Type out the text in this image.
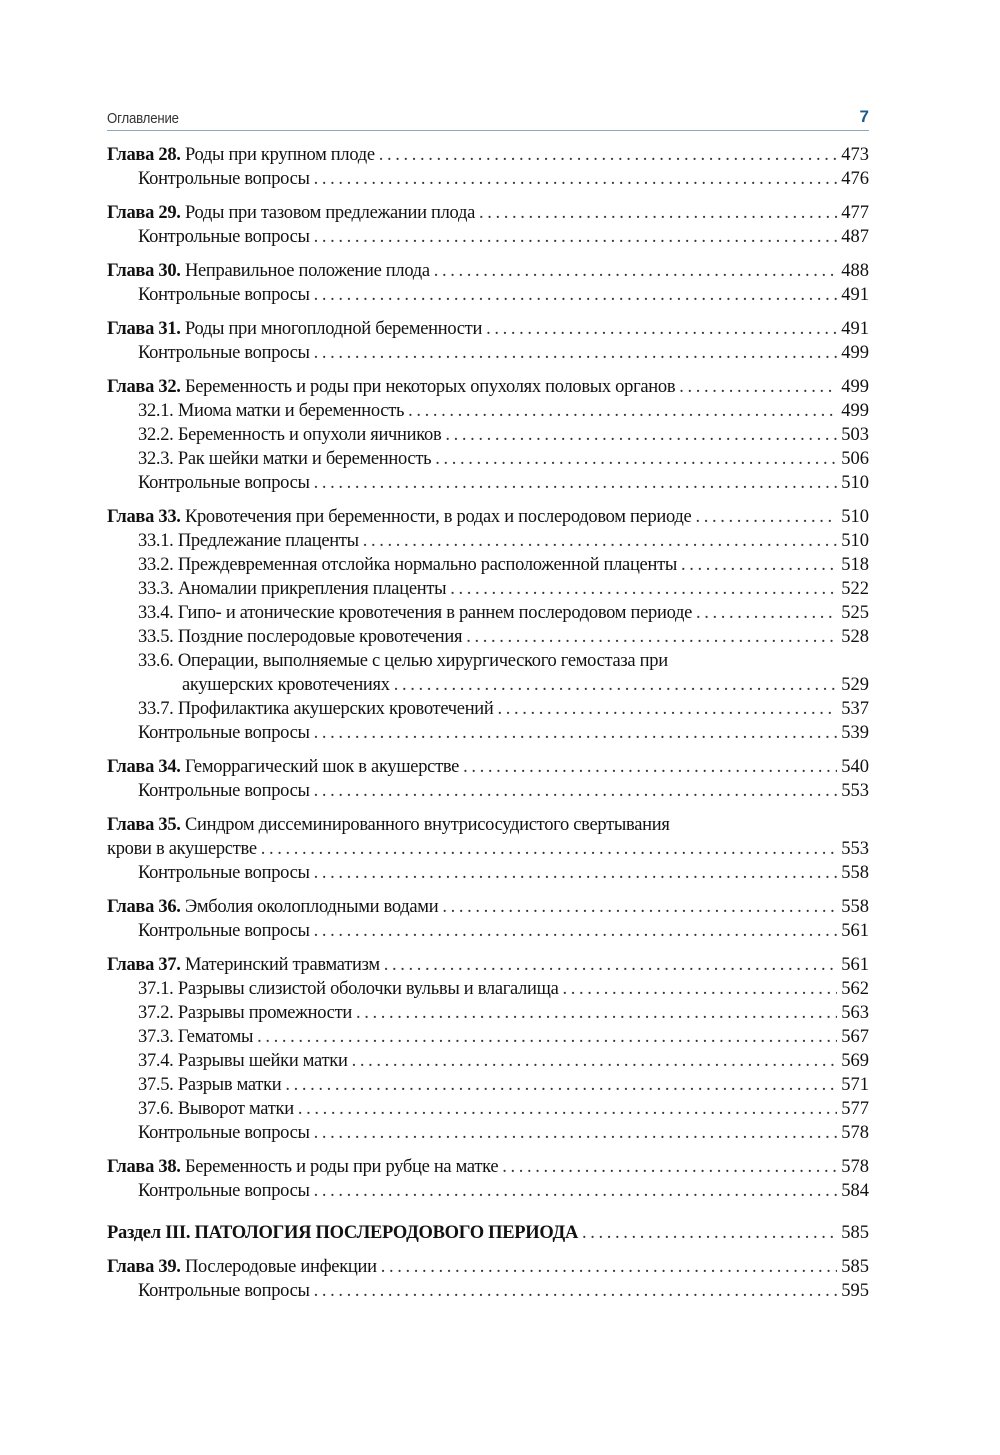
Оглавление	7
Глава 28. Роды при крупном плоде . . .	473
Контрольные вопросы . . .	476
Глава 29. Роды при тазовом предлежании плода . . .	477
Контрольные вопросы . . .	487
Глава 30. Неправильное положение плода . . .	488
Контрольные вопросы . . .	491
Глава 31. Роды при многоплодной беременности . . .	491
Контрольные вопросы . . .	499
Глава 32. Беременность и роды при некоторых опухолях половых органов . . .	499
32.1. Миома матки и беременность . . .	499
32.2. Беременность и опухоли яичников . . .	503
32.3. Рак шейки матки и беременность . . .	506
Контрольные вопросы . . .	510
Глава 33. Кровотечения при беременности, в родах и послеродовом периоде . . .	510
33.1. Предлежание плаценты . . .	510
33.2. Преждевременная отслойка нормально расположенной плаценты . . .	518
33.3. Аномалии прикрепления плаценты . . .	522
33.4. Гипо- и атонические кровотечения в раннем послеродовом периоде . . .	525
33.5. Поздние послеродовые кровотечения . . .	528
33.6. Операции, выполняемые с целью хирургического гемостаза при
акушерских кровотечениях . . .	529
33.7. Профилактика акушерских кровотечений . . .	537
Контрольные вопросы . . .	539
Глава 34. Геморрагический шок в акушерстве . . .	540
Контрольные вопросы . . .	553
Глава 35. Синдром диссеминированного внутрисосудистого свертывания
крови в акушерстве . . .	553
Контрольные вопросы . . .	558
Глава 36. Эмболия околоплодными водами . . .	558
Контрольные вопросы . . .	561
Глава 37. Материнский травматизм . . .	561
37.1. Разрывы слизистой оболочки вульвы и влагалища . . .	562
37.2. Разрывы промежности . . .	563
37.3. Гематомы . . .	567
37.4. Разрывы шейки матки . . .	569
37.5. Разрыв матки . . .	571
37.6. Выворот матки . . .	577
Контрольные вопросы . . .	578
Глава 38. Беременность и роды при рубце на матке . . .	578
Контрольные вопросы . . .	584
Раздел III. ПАТОЛОГИЯ ПОСЛЕРОДОВОГО ПЕРИОДА . . .	585
Глава 39. Послеродовые инфекции . . .	585
Контрольные вопросы . . .	595
